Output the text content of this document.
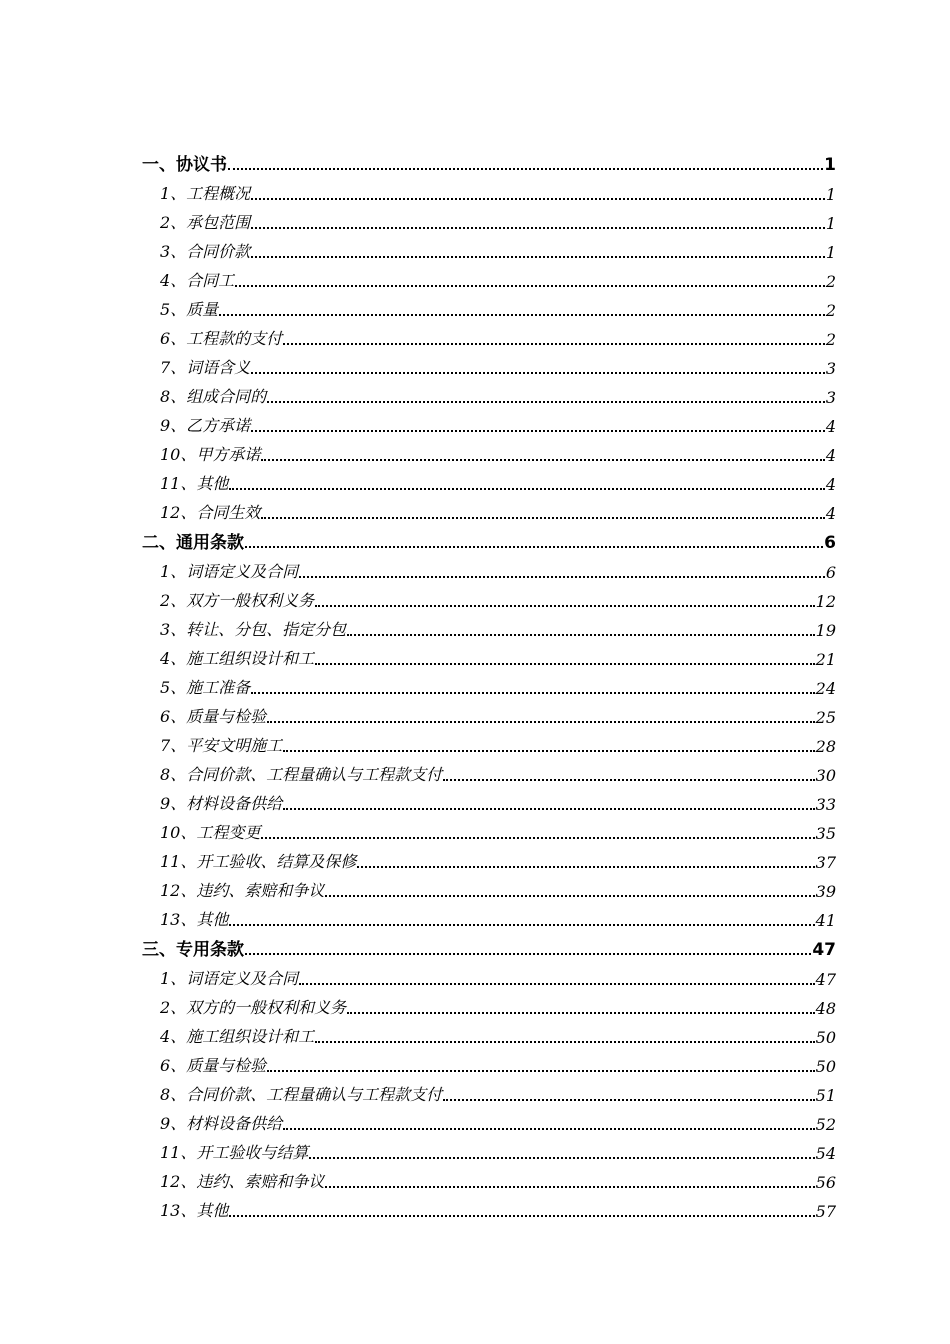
一、协议书	1
1、工程概况	1
2、承包范围	1
3、合同价款	1
4、合同工	2
5、质量	2
6、工程款的支付	2
7、词语含义	3
8、组成合同的	3
9、乙方承诺	4
10、甲方承诺	4
11、其他	4
12、合同生效	4
二、通用条款	6
1、词语定义及合同	6
2、双方一般权利义务	12
3、转让、分包、指定分包	19
4、施工组织设计和工	21
5、施工准备	24
6、质量与检验	25
7、平安文明施工	28
8、合同价款、工程量确认与工程款支付	30
9、材料设备供给	33
10、工程变更	35
11、开工验收、结算及保修	37
12、违约、索赔和争议	39
13、其他	41
三、专用条款	47
1、词语定义及合同	47
2、双方的一般权利和义务	48
4、施工组织设计和工	50
6、质量与检验	50
8、合同价款、工程量确认与工程款支付	51
9、材料设备供给	52
11、开工验收与结算	54
12、违约、索赔和争议	56
13、其他	57
